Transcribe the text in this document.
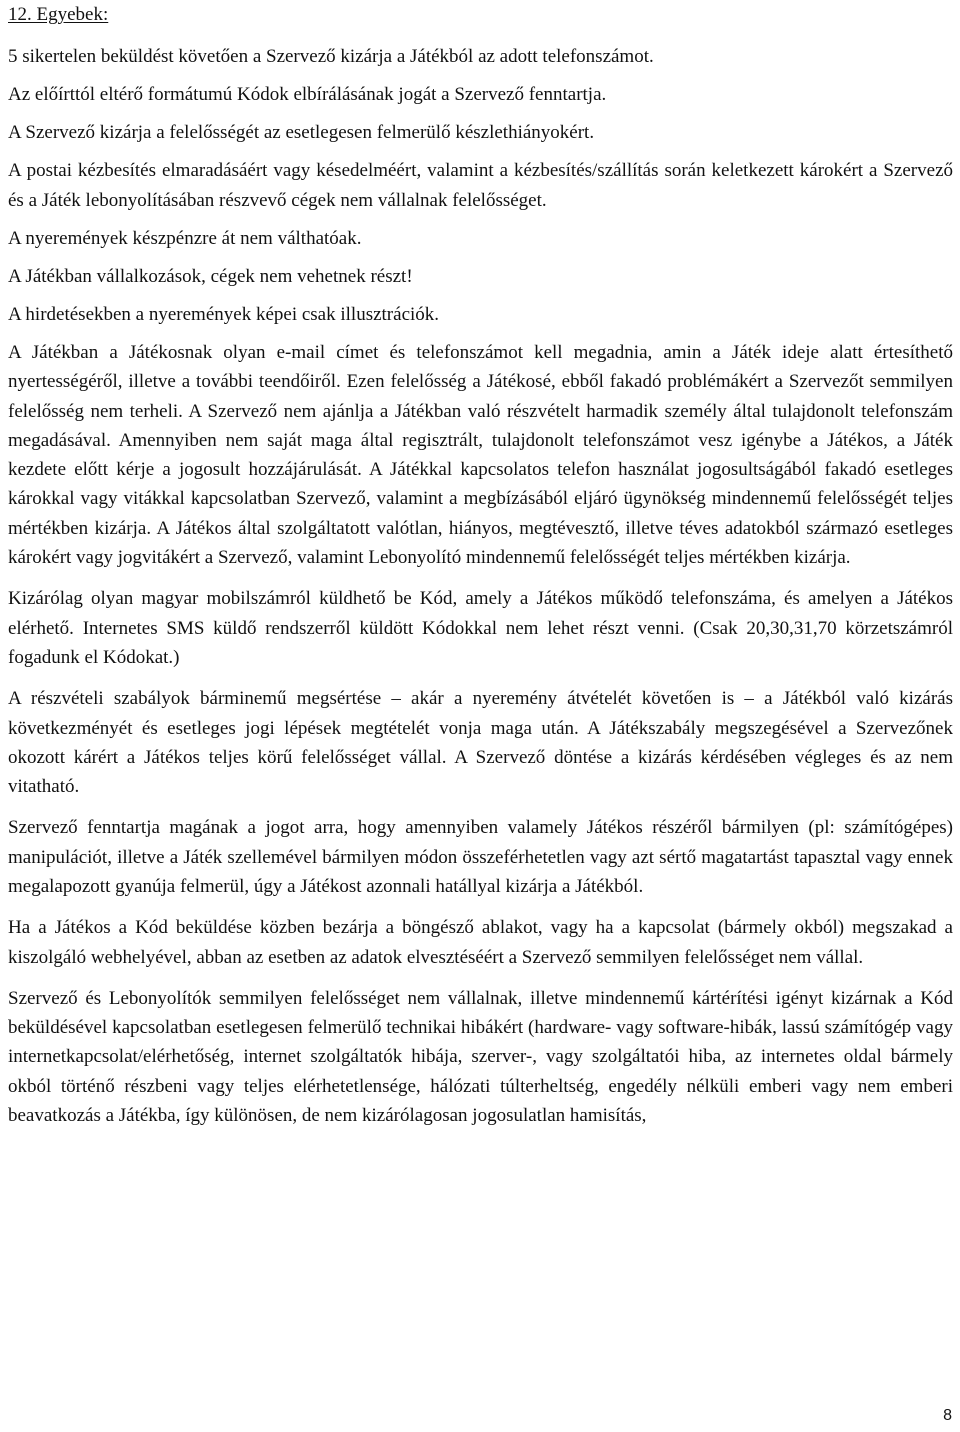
12. Egyebek:

5 sikertelen beküldést követően a Szervező kizárja a Játékból az adott telefonszámot.

Az előírttól eltérő formátumú Kódok elbírálásának jogát a Szervező fenntartja.

A Szervező kizárja a felelősségét az esetlegesen felmerülő készlethiányokért.

A postai kézbesítés elmaradásáért vagy késedelméért, valamint a kézbesítés/szállítás során keletkezett károkért a Szervező és a Játék lebonyolításában részvevő cégek nem vállalnak felelősséget.

A nyeremények készpénzre át nem válthatóak.

A Játékban vállalkozások, cégek nem vehetnek részt!

A hirdetésekben a nyeremények képei csak illusztrációk.

A Játékban a Játékosnak olyan e-mail címet és telefonszámot kell megadnia, amin a Játék ideje alatt értesíthető nyertességéről, illetve a további teendőiről. Ezen felelősség a Játékosé, ebből fakadó problémákért a Szervezőt semmilyen felelősség nem terheli. A Szervező nem ajánlja a Játékban való részvételt harmadik személy által tulajdonolt telefonszám megadásával. Amennyiben nem saját maga által regisztrált, tulajdonolt telefonszámot vesz igénybe a Játékos, a Játék kezdete előtt kérje a jogosult hozzájárulását. A Játékkal kapcsolatos telefon használat jogosultságából fakadó esetleges károkkal vagy vitákkal kapcsolatban Szervező, valamint a megbízásából eljáró ügynökség mindennemű felelősségét teljes mértékben kizárja. A Játékos által szolgáltatott valótlan, hiányos, megtévesztő, illetve téves adatokból származó esetleges károkért vagy jogvitákért a Szervező, valamint Lebonyolító mindennemű felelősségét teljes mértékben kizárja.

Kizárólag olyan magyar mobilszámról küldhető be Kód, amely a Játékos működő telefonszáma, és amelyen a Játékos elérhető. Internetes SMS küldő rendszerről küldött Kódokkal nem lehet részt venni. (Csak 20,30,31,70 körzetszámról fogadunk el Kódokat.)

A részvételi szabályok bárminemű megsértése – akár a nyeremény átvételét követően is – a Játékból való kizárás következményét és esetleges jogi lépések megtételét vonja maga után. A Játékszabály megszegésével a Szervezőnek okozott kárért a Játékos teljes körű felelősséget vállal. A Szervező döntése a kizárás kérdésében végleges és az nem vitatható.

Szervező fenntartja magának a jogot arra, hogy amennyiben valamely Játékos részéről bármilyen (pl: számítógépes) manipulációt, illetve a Játék szellemével bármilyen módon összeférhetetlen vagy azt sértő magatartást tapasztal vagy ennek megalapozott gyanúja felmerül, úgy a Játékost azonnali hatállyal kizárja a Játékból.

Ha a Játékos a Kód beküldése közben bezárja a böngésző ablakot, vagy ha a kapcsolat (bármely okból) megszakad a kiszolgáló webhelyével, abban az esetben az adatok elvesztéséért a Szervező semmilyen felelősséget nem vállal.

Szervező és Lebonyolítók semmilyen felelősséget nem vállalnak, illetve mindennemű kártérítési igényt kizárnak a Kód beküldésével kapcsolatban esetlegesen felmerülő technikai hibákért (hardware- vagy software-hibák, lassú számítógép vagy internetkapcsolat/elérhetőség, internet szolgáltatók hibája, szerver-, vagy szolgáltatói hiba, az internetes oldal bármely okból történő részbeni vagy teljes elérhetetlensége, hálózati túlterheltség, engedély nélküli emberi vagy nem emberi beavatkozás a Játékba, így különösen, de nem kizárólagosan jogosulatlan hamisítás,

8
